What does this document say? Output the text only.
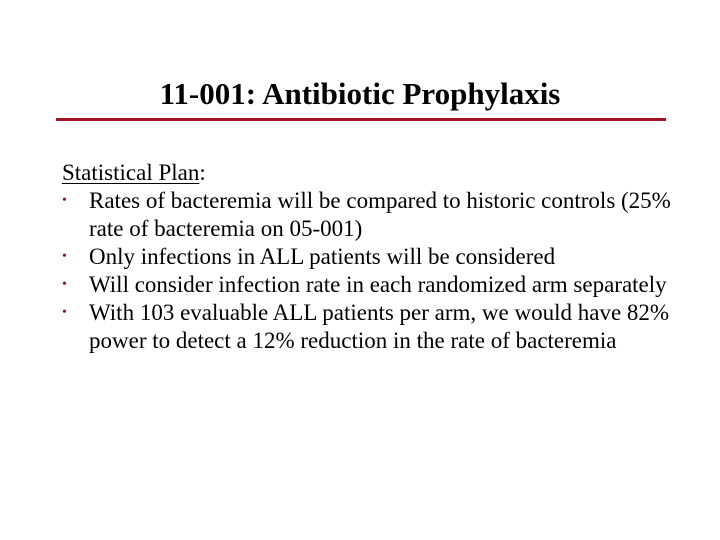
11-001: Antibiotic Prophylaxis
Statistical Plan:
• Rates of bacteremia will be compared to historic controls (25% rate of bacteremia on 05-001)
• Only infections in ALL patients will be considered
• Will consider infection rate in each randomized arm separately
• With 103 evaluable ALL patients per arm, we would have 82% power to detect a 12% reduction in the rate of bacteremia
